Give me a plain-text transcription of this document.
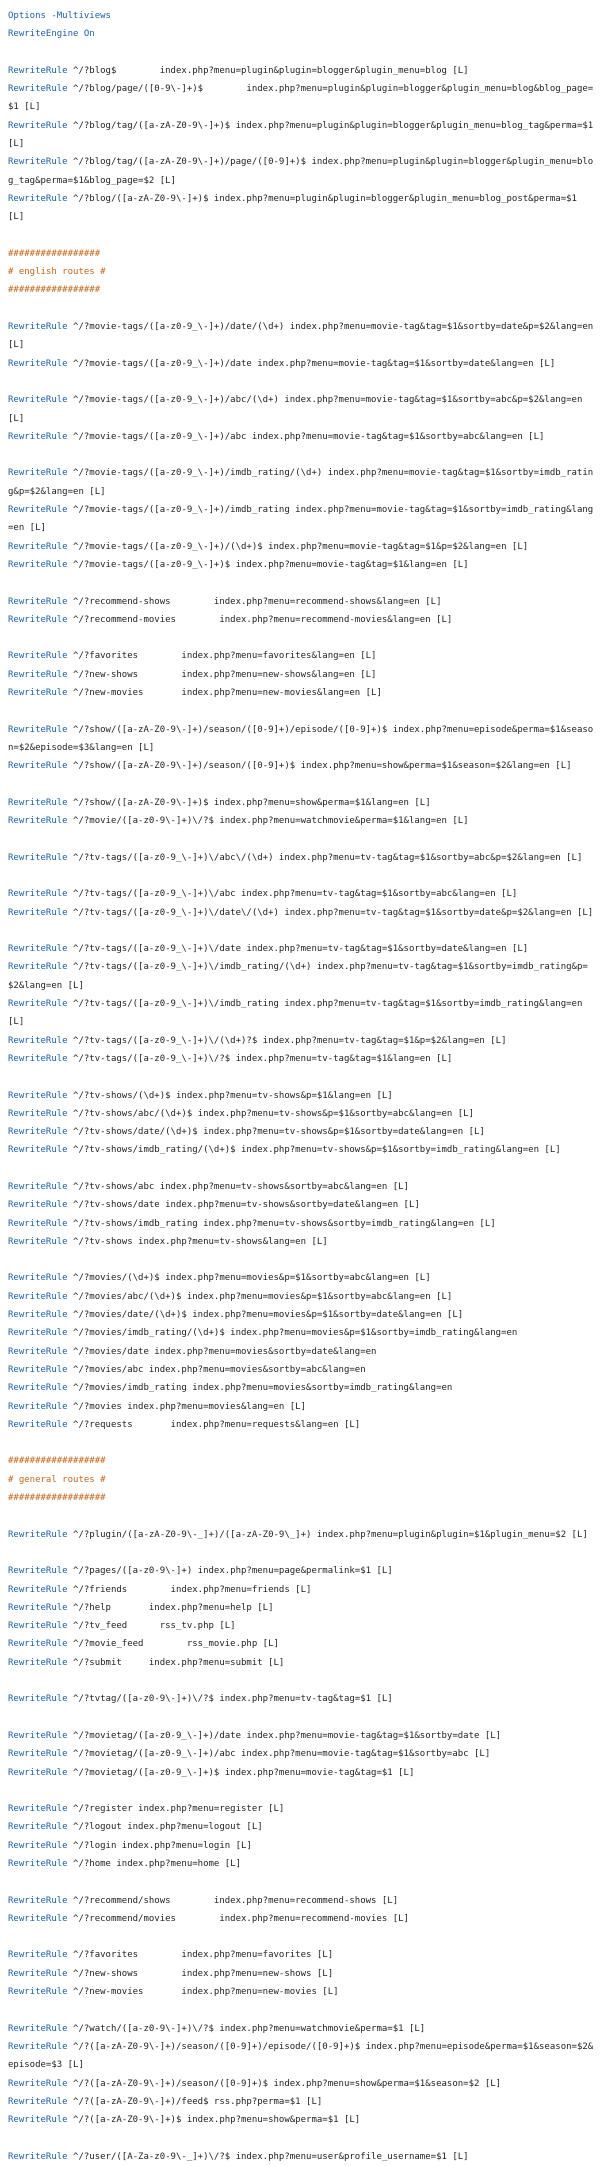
Options -Multiviews
RewriteEngine On
RewriteRule ^/?blog$        index.php?menu=plugin&plugin=blogger&plugin_menu=blog [L]
RewriteRule ^/?blog/page/([0-9\-]+)$        index.php?menu=plugin&plugin=blogger&plugin_menu=blog&blog_page=$1 [L]
RewriteRule ^/?blog/tag/([a-zA-Z0-9\-]+)$ index.php?menu=plugin&plugin=blogger&plugin_menu=blog_tag&perma=$1 [L]
RewriteRule ^/?blog/tag/([a-zA-Z0-9\-]+)/page/([0-9]+)$ index.php?menu=plugin&plugin=blogger&plugin_menu=blog_tag&perma=$1&blog_page=$2 [L]
RewriteRule ^/?blog/([a-zA-Z0-9\-]+)$ index.php?menu=plugin&plugin=blogger&plugin_menu=blog_post&perma=$1 [L]
#################
# english routes #
#################
RewriteRule ^/?movie-tags/([a-z0-9_\-]+)/date/(\d+) index.php?menu=movie-tag&tag=$1&sortby=date&p=$2&lang=en [L]
RewriteRule ^/?movie-tags/([a-z0-9_\-]+)/date index.php?menu=movie-tag&tag=$1&sortby=date&lang=en [L]
RewriteRule ^/?movie-tags/([a-z0-9_\-]+)/abc/(\d+) index.php?menu=movie-tag&tag=$1&sortby=abc&p=$2&lang=en [L]
RewriteRule ^/?movie-tags/([a-z0-9_\-]+)/abc index.php?menu=movie-tag&tag=$1&sortby=abc&lang=en [L]
RewriteRule ^/?movie-tags/([a-z0-9_\-]+)/imdb_rating/(\d+) index.php?menu=movie-tag&tag=$1&sortby=imdb_rating&p=$2&lang=en [L]
RewriteRule ^/?movie-tags/([a-z0-9_\-]+)/imdb_rating index.php?menu=movie-tag&tag=$1&sortby=imdb_rating&lang=en [L]
RewriteRule ^/?movie-tags/([a-z0-9_\-]+)/(\d+)$ index.php?menu=movie-tag&tag=$1&p=$2&lang=en [L]
RewriteRule ^/?movie-tags/([a-z0-9_\-]+)$ index.php?menu=movie-tag&tag=$1&lang=en [L]
RewriteRule ^/?recommend-shows        index.php?menu=recommend-shows&lang=en [L]
RewriteRule ^/?recommend-movies        index.php?menu=recommend-movies&lang=en [L]
RewriteRule ^/?favorites        index.php?menu=favorites&lang=en [L]
RewriteRule ^/?new-shows        index.php?menu=new-shows&lang=en [L]
RewriteRule ^/?new-movies       index.php?menu=new-movies&lang=en [L]
RewriteRule ^/?show/([a-zA-Z0-9\-]+)/season/([0-9]+)/episode/([0-9]+)$ index.php?menu=episode&perma=$1&season=$2&episode=$3&lang=en [L]
RewriteRule ^/?show/([a-zA-Z0-9\-]+)/season/([0-9]+)$ index.php?menu=show&perma=$1&season=$2&lang=en [L]
RewriteRule ^/?show/([a-zA-Z0-9\-]+)$ index.php?menu=show&perma=$1&lang=en [L]
RewriteRule ^/?movie/([a-z0-9\-]+)\/?$ index.php?menu=watchmovie&perma=$1&lang=en [L]
RewriteRule ^/?tv-tags/([a-z0-9_\-]+)\/abc\/(\d+) index.php?menu=tv-tag&tag=$1&sortby=abc&p=$2&lang=en [L]
RewriteRule ^/?tv-tags/([a-z0-9_\-]+)\/abc index.php?menu=tv-tag&tag=$1&sortby=abc&lang=en [L]
RewriteRule ^/?tv-tags/([a-z0-9_\-]+)\/date\/(\d+) index.php?menu=tv-tag&tag=$1&sortby=date&p=$2&lang=en [L]
RewriteRule ^/?tv-tags/([a-z0-9_\-]+)\/date index.php?menu=tv-tag&tag=$1&sortby=date&lang=en [L]
RewriteRule ^/?tv-tags/([a-z0-9_\-]+)\/imdb_rating/(\d+) index.php?menu=tv-tag&tag=$1&sortby=imdb_rating&p=$2&lang=en [L]
RewriteRule ^/?tv-tags/([a-z0-9_\-]+)\/imdb_rating index.php?menu=tv-tag&tag=$1&sortby=imdb_rating&lang=en [L]
RewriteRule ^/?tv-tags/([a-z0-9_\-]+)\/(\d+)?$ index.php?menu=tv-tag&tag=$1&p=$2&lang=en [L]
RewriteRule ^/?tv-tags/([a-z0-9_\-]+)\/?$ index.php?menu=tv-tag&tag=$1&lang=en [L]
RewriteRule ^/?tv-shows/(\d+)$ index.php?menu=tv-shows&p=$1&lang=en [L]
RewriteRule ^/?tv-shows/abc/(\d+)$ index.php?menu=tv-shows&p=$1&sortby=abc&lang=en [L]
RewriteRule ^/?tv-shows/date/(\d+)$ index.php?menu=tv-shows&p=$1&sortby=date&lang=en [L]
RewriteRule ^/?tv-shows/imdb_rating/(\d+)$ index.php?menu=tv-shows&p=$1&sortby=imdb_rating&lang=en [L]
RewriteRule ^/?tv-shows/abc index.php?menu=tv-shows&sortby=abc&lang=en [L]
RewriteRule ^/?tv-shows/date index.php?menu=tv-shows&sortby=date&lang=en [L]
RewriteRule ^/?tv-shows/imdb_rating index.php?menu=tv-shows&sortby=imdb_rating&lang=en [L]
RewriteRule ^/?tv-shows index.php?menu=tv-shows&lang=en [L]
RewriteRule ^/?movies/(\d+)$ index.php?menu=movies&p=$1&sortby=abc&lang=en [L]
RewriteRule ^/?movies/abc/(\d+)$ index.php?menu=movies&p=$1&sortby=abc&lang=en [L]
RewriteRule ^/?movies/date/(\d+)$ index.php?menu=movies&p=$1&sortby=date&lang=en [L]
RewriteRule ^/?movies/imdb_rating/(\d+)$ index.php?menu=movies&p=$1&sortby=imdb_rating&lang=en
RewriteRule ^/?movies/date index.php?menu=movies&sortby=date&lang=en
RewriteRule ^/?movies/abc index.php?menu=movies&sortby=abc&lang=en
RewriteRule ^/?movies/imdb_rating index.php?menu=movies&sortby=imdb_rating&lang=en
RewriteRule ^/?movies index.php?menu=movies&lang=en [L]
RewriteRule ^/?requests       index.php?menu=requests&lang=en [L]
##################
# general routes #
##################
RewriteRule ^/?plugin/([a-zA-Z0-9\-_]+)/([a-zA-Z0-9\_]+) index.php?menu=plugin&plugin=$1&plugin_menu=$2 [L]
RewriteRule ^/?pages/([a-z0-9\-]+) index.php?menu=page&permalink=$1 [L]
RewriteRule ^/?friends        index.php?menu=friends [L]
RewriteRule ^/?help       index.php?menu=help [L]
RewriteRule ^/?tv_feed      rss_tv.php [L]
RewriteRule ^/?movie_feed        rss_movie.php [L]
RewriteRule ^/?submit     index.php?menu=submit [L]
RewriteRule ^/?tvtag/([a-z0-9\-]+)\/?$ index.php?menu=tv-tag&tag=$1 [L]
RewriteRule ^/?movietag/([a-z0-9_\-]+)/date index.php?menu=movie-tag&tag=$1&sortby=date [L]
RewriteRule ^/?movietag/([a-z0-9_\-]+)/abc index.php?menu=movie-tag&tag=$1&sortby=abc [L]
RewriteRule ^/?movietag/([a-z0-9_\-]+)$ index.php?menu=movie-tag&tag=$1 [L]
RewriteRule ^/?register index.php?menu=register [L]
RewriteRule ^/?logout index.php?menu=logout [L]
RewriteRule ^/?login index.php?menu=login [L]
RewriteRule ^/?home index.php?menu=home [L]
RewriteRule ^/?recommend/shows        index.php?menu=recommend-shows [L]
RewriteRule ^/?recommend/movies        index.php?menu=recommend-movies [L]
RewriteRule ^/?favorites        index.php?menu=favorites [L]
RewriteRule ^/?new-shows        index.php?menu=new-shows [L]
RewriteRule ^/?new-movies       index.php?menu=new-movies [L]
RewriteRule ^/?watch/([a-z0-9\-]+)\/?$ index.php?menu=watchmovie&perma=$1 [L]
RewriteRule ^/?([a-zA-Z0-9\-]+)/season/([0-9]+)/episode/([0-9]+)$ index.php?menu=episode&perma=$1&season=$2&episode=$3 [L]
RewriteRule ^/?([a-zA-Z0-9\-]+)/season/([0-9]+)$ index.php?menu=show&perma=$1&season=$2 [L]
RewriteRule ^/?([a-zA-Z0-9\-]+)/feed$ rss.php?perma=$1 [L]
RewriteRule ^/?([a-zA-Z0-9\-]+)$ index.php?menu=show&perma=$1 [L]
RewriteRule ^/?user/([A-Za-z0-9\-_]+)\/?$ index.php?menu=user&profile_username=$1 [L]
